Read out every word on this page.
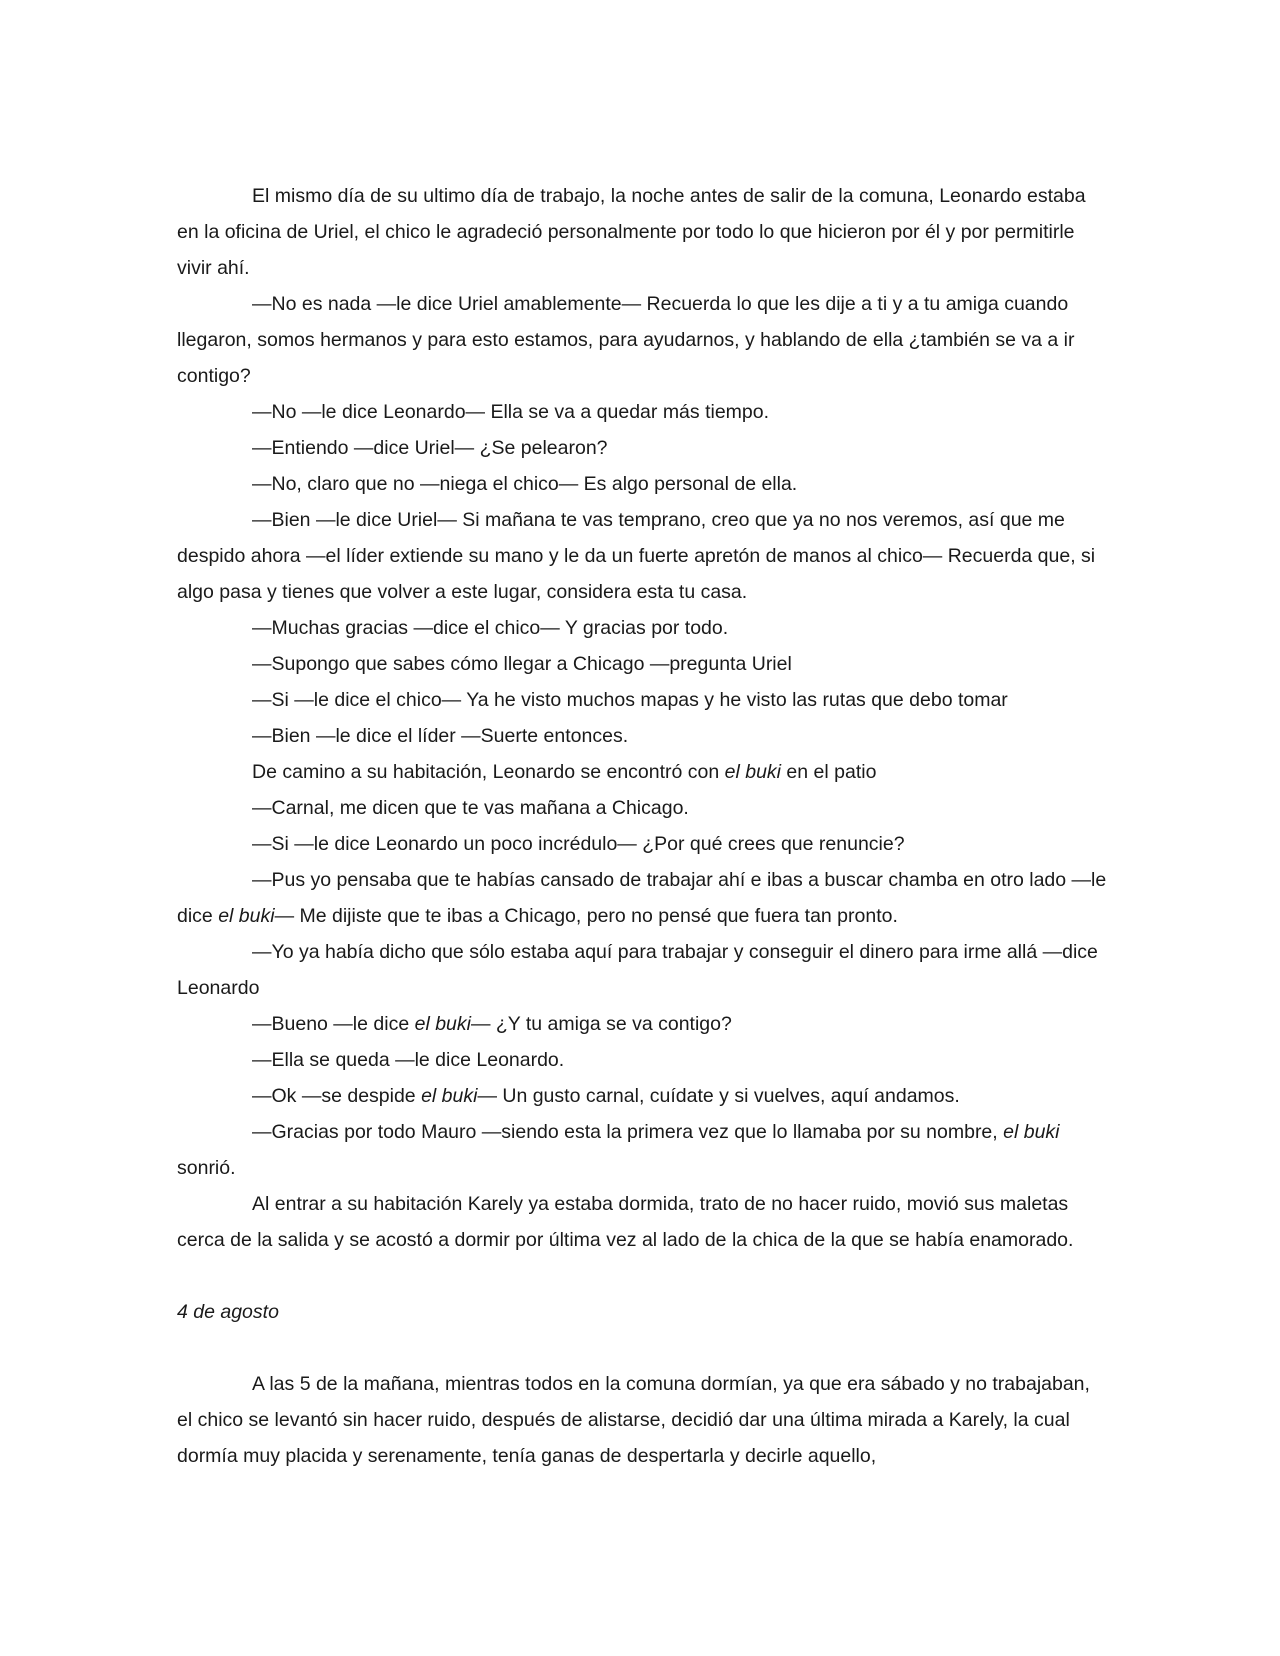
El mismo día de su ultimo día de trabajo, la noche antes de salir de la comuna, Leonardo estaba en la oficina de Uriel, el chico le agradeció personalmente por todo lo que hicieron por él y por permitirle vivir ahí.

—No es nada —le dice Uriel amablemente— Recuerda lo que les dije a ti y a tu amiga cuando llegaron, somos hermanos y para esto estamos, para ayudarnos, y hablando de ella ¿también se va a ir contigo?

—No —le dice Leonardo— Ella se va a quedar más tiempo.

—Entiendo —dice Uriel— ¿Se pelearon?

—No, claro que no —niega el chico— Es algo personal de ella.

—Bien —le dice Uriel— Si mañana te vas temprano, creo que ya no nos veremos, así que me despido ahora —el líder extiende su mano y le da un fuerte apretón de manos al chico— Recuerda que, si algo pasa y tienes que volver a este lugar, considera esta tu casa.

—Muchas gracias —dice el chico— Y gracias por todo.

—Supongo que sabes cómo llegar a Chicago —pregunta Uriel

—Si —le dice el chico— Ya he visto muchos mapas y he visto las rutas que debo tomar

—Bien —le dice el líder —Suerte entonces.

De camino a su habitación, Leonardo se encontró con el buki en el patio

—Carnal, me dicen que te vas mañana a Chicago.

—Si —le dice Leonardo un poco incrédulo— ¿Por qué crees que renuncie?

—Pus yo pensaba que te habías cansado de trabajar ahí e ibas a buscar chamba en otro lado —le dice el buki— Me dijiste que te ibas a Chicago, pero no pensé que fuera tan pronto.

—Yo ya había dicho que sólo estaba aquí para trabajar y conseguir el dinero para irme allá —dice Leonardo

—Bueno —le dice el buki— ¿Y tu amiga se va contigo?

—Ella se queda —le dice Leonardo.

—Ok —se despide el buki— Un gusto carnal, cuídate y si vuelves, aquí andamos.

—Gracias por todo Mauro —siendo esta la primera vez que lo llamaba por su nombre, el buki sonrió.

Al entrar a su habitación Karely ya estaba dormida, trato de no hacer ruido, movió sus maletas cerca de la salida y se acostó a dormir por última vez al lado de la chica de la que se había enamorado.

4 de agosto

A las 5 de la mañana, mientras todos en la comuna dormían, ya que era sábado y no trabajaban, el chico se levantó sin hacer ruido, después de alistarse, decidió dar una última mirada a Karely, la cual dormía muy placida y serenamente, tenía ganas de despertarla y decirle aquello,
